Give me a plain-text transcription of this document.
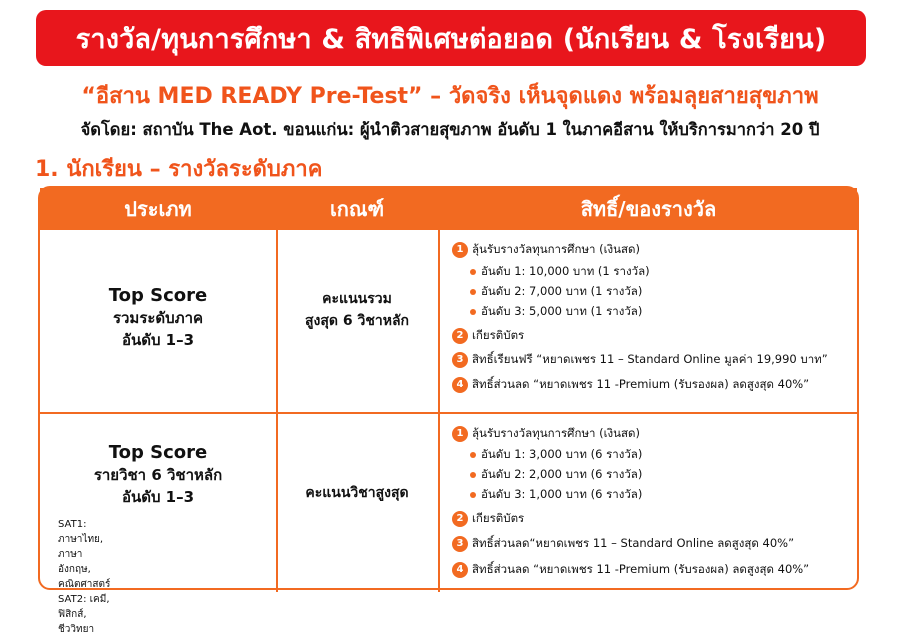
รางวัล/ทุนการศึกษา & สิทธิพิเศษต่อยอด (นักเรียน & โรงเรียน)
“อีสาน MED READY Pre-Test” – วัดจริง เห็นจุดแดง พร้อมลุยสายสุขภาพ
จัดโดย: สถาบัน The Aot. ขอนแก่น: ผู้นำติวสายสุขภาพ อันดับ 1 ในภาคอีสาน ให้บริการมากว่า 20 ปี
1. นักเรียน – รางวัลระดับภาค
ประเภท	เกณฑ์	สิทธิ์/ของรางวัล
Top Score
รวมระดับภาค
อันดับ 1–3
คะแนนรวม
สูงสุด 6 วิชาหลัก
1 ลุ้นรับรางวัลทุนการศึกษา (เงินสด)
อันดับ 1: 10,000 บาท (1 รางวัล)
อันดับ 2: 7,000 บาท (1 รางวัล)
อันดับ 3: 5,000 บาท (1 รางวัล)
2 เกียรติบัตร
3 สิทธิ์เรียนฟรี “หยาดเพชร 11 – Standard Online มูลค่า 19,990 บาท”
4 สิทธิ์ส่วนลด “หยาดเพชร 11 -Premium (รับรองผล) ลดสูงสุด 40%”
Top Score
รายวิชา 6 วิชาหลัก
อันดับ 1–3
SAT1: ภาษาไทย, ภาษาอังกฤษ, คณิตศาสตร์
SAT2: เคมี, ฟิสิกส์, ชีววิทยา
คะแนนวิชาสูงสุด
1 ลุ้นรับรางวัลทุนการศึกษา (เงินสด)
อันดับ 1: 3,000 บาท (6 รางวัล)
อันดับ 2: 2,000 บาท (6 รางวัล)
อันดับ 3: 1,000 บาท (6 รางวัล)
2 เกียรติบัตร
3 สิทธิ์ส่วนลด“หยาดเพชร 11 – Standard Online ลดสูงสุด 40%”
4 สิทธิ์ส่วนลด “หยาดเพชร 11 -Premium (รับรองผล) ลดสูงสุด 40%”
